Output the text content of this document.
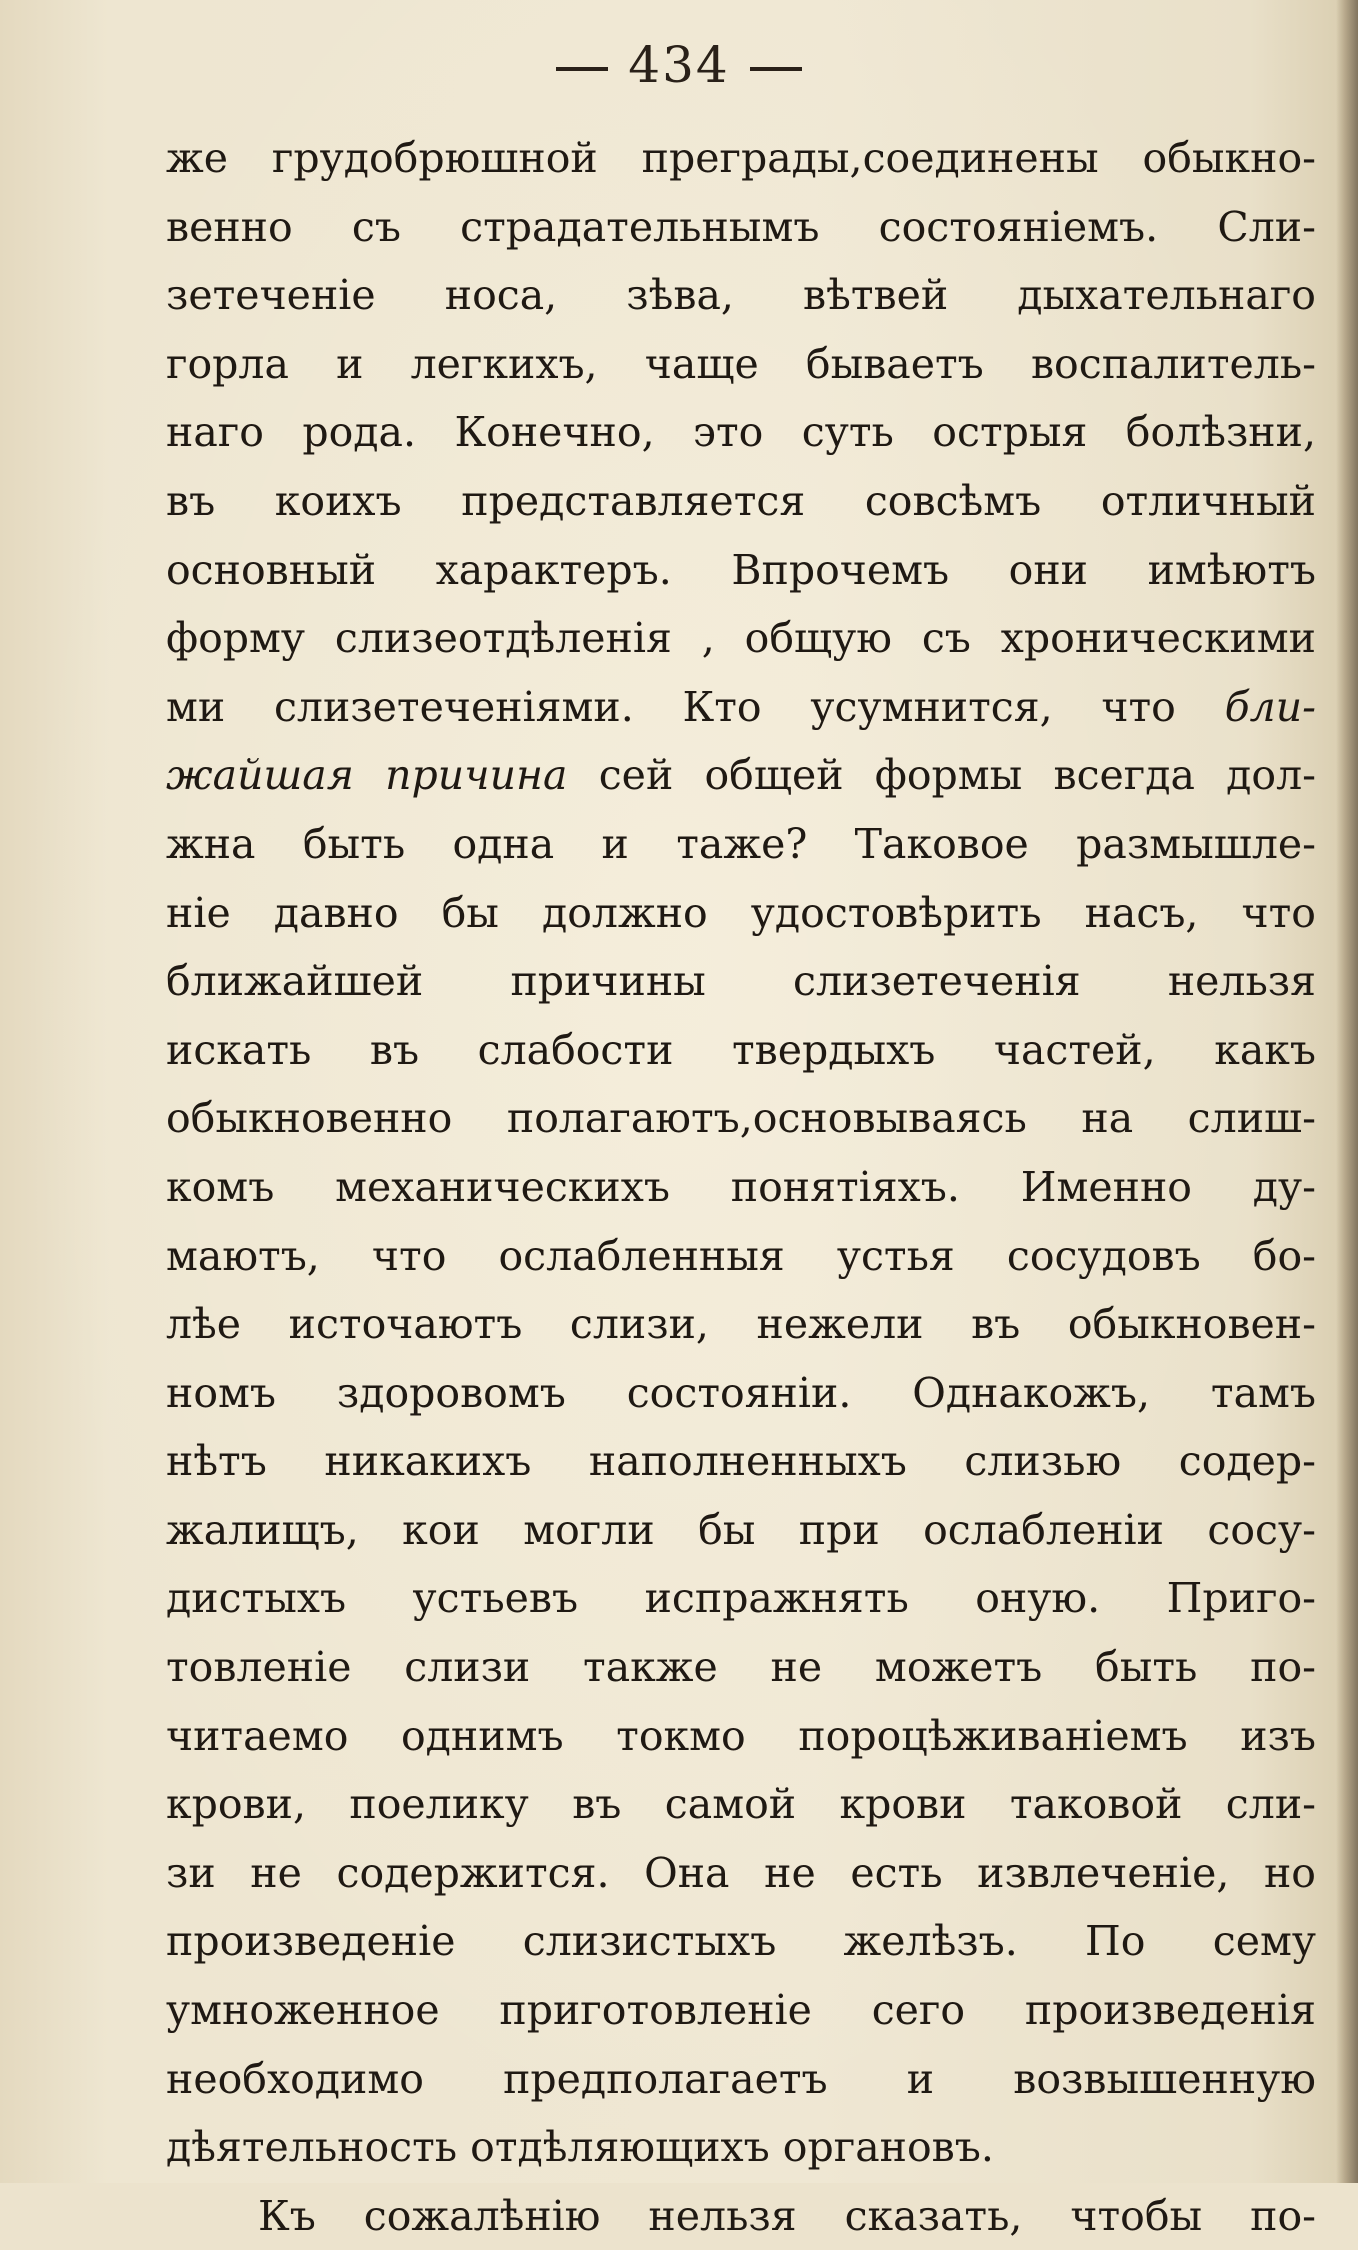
434
же грудобрюшной преграды,соединены обыкно-
венно съ страдательнымъ состояніемъ. Сли-
зетеченіе носа, зѣва, вѣтвей дыхательнаго
горла и легкихъ, чаще бываетъ воспалитель-
наго рода. Конечно, это суть острыя болѣзни,
въ коихъ представляется совсѣмъ отличный
основный характеръ. Впрочемъ они имѣютъ
форму слизеотдѣленія , общую съ хроническими
ми слизетеченіями. Кто усумнится, что бли-
жайшая причина сей общей формы всегда дол-
жна быть одна и таже? Таковое размышле-
ніе давно бы должно удостовѣрить насъ, что
ближайшей причины слизетеченія нельзя
искать въ слабости твердыхъ частей, какъ
обыкновенно полагаютъ,основываясь на слиш-
комъ механическихъ понятіяхъ. Именно ду-
маютъ, что ослабленныя устья сосудовъ бо-
лѣе источаютъ слизи, нежели въ обыкновен-
номъ здоровомъ состояніи. Однакожъ, тамъ
нѣтъ никакихъ наполненныхъ слизью содер-
жалищъ, кои могли бы при ослабленіи сосу-
дистыхъ устьевъ испражнять оную. Приго-
товленіе слизи также не можетъ быть по-
читаемо однимъ токмо пороцѣживаніемъ изъ
крови, поелику въ самой крови таковой сли-
зи не содержится. Она не есть извлеченіе, но
произведеніе слизистыхъ желѣзъ. По сему
умноженное приготовленіе сего произведенія
необходимо предполагаетъ и возвышенную
дѣятельность отдѣляющихъ органовъ.
Къ сожалѣнію нельзя сказать, чтобы по-
